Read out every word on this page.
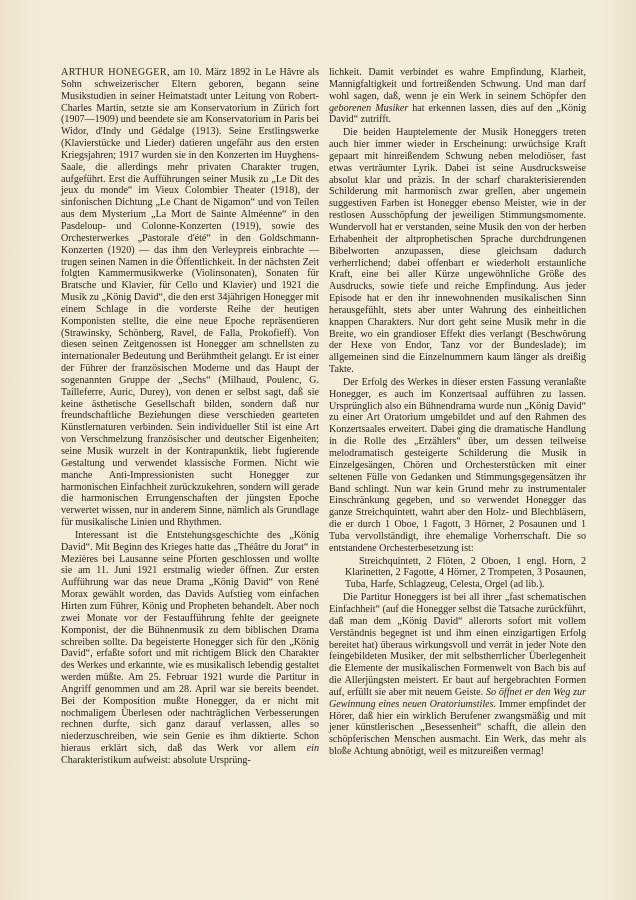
ARTHUR HONEGGER, am 10. März 1892 in Le Hâvre als Sohn schweizerischer Eltern geboren, begann seine Musikstudien in seiner Heimatstadt unter Leitung von Robert-Charles Martin, setzte sie am Konservatorium in Zürich fort (1907—1909) und beendete sie am Konservatorium in Paris bei Widor, d'Indy und Gédalge (1913). Seine Erstlingswerke (Klavierstücke und Lieder) datieren ungefähr aus den ersten Kriegsjahren; 1917 wurden sie in den Konzerten im Huyghens-Saale, die allerdings mehr privaten Charakter trugen, aufgeführt. Erst die Aufführungen seiner Musik zu „Le Dit des jeux du monde“ im Vieux Colombier Theater (1918), der sinfonischen Dichtung „Le Chant de Nigamon“ und von Teilen aus dem Mysterium „La Mort de Sainte Alméenne“ in den Pasdeloup- und Colonne-Konzerten (1919), sowie des Orchesterwerkes „Pastorale d'été“ in den Goldschmann-Konzerten (1920) — das ihm den Verleypreis einbrachte — trugen seinen Namen in die Öffentlichkeit. In der nächsten Zeit folgten Kammermusikwerke (Violinsonaten), Sonaten für Bratsche und Klavier, für Cello und Klavier) und 1921 die Musik zu „König David“, die den erst 34jährigen Honegger mit einem Schlage in die vorderste Reihe der heutigen Komponisten stellte, die eine neue Epoche repräsentieren (Strawinsky, Schönberg, Ravel, de Falla, Prokofieff). Von diesen seinen Zeitgenossen ist Honegger am schnellsten zu internationaler Bedeutung und Berühmtheit gelangt. Er ist einer der Führer der französischen Moderne und das Haupt der sogenannten Gruppe der „Sechs“ (Milhaud, Poulenc, G. Tailleferre, Auric, Durey), von denen er selbst sagt, daß sie keine ästhetische Gesellschaft bilden, sondern daß nur freundschaftliche Beziehungen diese verschieden gearteten Künstlernaturen verbinden. Sein individueller Stil ist eine Art von Verschmelzung französischer und deutscher Eigenheiten; seine Musik wurzelt in der Kontrapunktik, liebt fugierende Gestaltung und verwendet klassische Formen. Nicht wie manche Anti-Impressionisten sucht Honegger zur harmonischen Einfachheit zurückzukehren, sondern will gerade die harmonischen Errungenschaften der jüngsten Epoche verwertet wissen, nur in anderem Sinne, nämlich als Grundlage für musikalische Linien und Rhythmen.

Interessant ist die Entstehungsgeschichte des „König David“. Mit Beginn des Krieges hatte das „Théâtre du Jorat“ in Mezières bei Lausanne seine Pforten geschlossen und wollte sie am 11. Juni 1921 erstmalig wieder öffnen. Zur ersten Aufführung war das neue Drama „König David“ von René Morax gewählt worden, das Davids Aufstieg vom einfachen Hirten zum Führer, König und Propheten behandelt. Aber noch zwei Monate vor der Festaufführung fehlte der geeignete Komponist, der die Bühnenmusik zu dem biblischen Drama schreiben sollte. Da begeisterte Honegger sich für den „König David“, erfaßte sofort und mit richtigem Blick den Charakter des Werkes und erkannte, wie es musikalisch lebendig gestaltet werden müßte. Am 25. Februar 1921 wurde die Partitur in Angriff genommen und am 28. April war sie bereits beendet. Bei der Komposition mußte Honegger, da er nicht mit nochmaligem Überlesen oder nachträglichen Verbesserungen rechnen durfte, sich ganz darauf verlassen, alles so niederzuschreiben, wie sein Genie es ihm diktierte. Schon hieraus erklärt sich, daß das Werk vor allem ein Charakteristikum aufweist: absolute Ursprüng-

lichkeit. Damit verbindet es wahre Empfindung, Klarheit, Mannigfaltigkeit und fortreißenden Schwung. Und man darf wohl sagen, daß, wenn je ein Werk in seinem Schöpfer den geborenen Musiker hat erkennen lassen, dies auf den „König David“ zutrifft.

Die beiden Hauptelemente der Musik Honeggers treten auch hier immer wieder in Erscheinung: urwüchsige Kraft gepaart mit hinreißendem Schwung neben melodiöser, fast etwas verträumter Lyrik. Dabei ist seine Ausdrucksweise absolut klar und präzis. In der scharf charakterisierenden Schilderung mit harmonisch zwar grellen, aber ungemein suggestiven Farben ist Honegger ebenso Meister, wie in der restlosen Ausschöpfung der jeweiligen Stimmungsmomente. Wundervoll hat er verstanden, seine Musik den von der herben Erhabenheit der altprophetischen Sprache durchdrungenen Bibelworten anzupassen, diese gleichsam dadurch verherrlichend; dabei offenbart er wiederholt erstaunliche Kraft, eine bei aller Kürze ungewöhnliche Größe des Ausdrucks, sowie tiefe und reiche Empfindung. Aus jeder Episode hat er den ihr innewohnenden musikalischen Sinn herausgefühlt, stets aber unter Wahrung des einheitlichen knappen Charakters. Nur dort geht seine Musik mehr in die Breite, wo ein grandioser Effekt dies verlangt (Beschwörung der Hexe von Endor, Tanz vor der Bundeslade); im allgemeinen sind die Einzelnummern kaum länger als dreißig Takte.

Der Erfolg des Werkes in dieser ersten Fassung veranlaßte Honegger, es auch im Konzertsaal aufführen zu lassen. Ursprünglich also ein Bühnendrama wurde nun „König David“ zu einer Art Oratorium umgebildet und auf den Rahmen des Konzertsaales erweitert. Dabei ging die dramatische Handlung in die Rolle des „Erzählers“ über, um dessen teilweise melodramatisch gesteigerte Schilderung die Musik in Einzelgesängen, Chören und Orchesterstücken mit einer seltenen Fülle von Gedanken und Stimmungsgegensätzen ihr Band schlingt. Nun war kein Grund mehr zu instrumentaler Einschränkung gegeben, und so verwendet Honegger das ganze Streichquintett, wahrt aber den Holz- und Blechbläsern, die er durch 1 Oboe, 1 Fagott, 3 Hörner, 2 Posaunen und 1 Tuba vervollständigt, ihre ehemalige Vorherrschaft. Die so entstandene Orchesterbesetzung ist:

Streichquintett, 2 Flöten, 2 Oboen, 1 engl. Horn, 2 Klarinetten, 2 Fagotte, 4 Hörner, 2 Trompeten, 3 Posaunen, Tuba, Harfe, Schlagzeug, Celesta, Orgel (ad lib.).

Die Partitur Honeggers ist bei all ihrer „fast schematischen Einfachheit“ (auf die Honegger selbst die Tatsache zurückführt, daß man dem „König David“ allerorts sofort mit vollem Verständnis begegnet ist und ihm einen einzigartigen Erfolg bereitet hat) überaus wirkungsvoll und verrät in jeder Note den feingebildeten Musiker, der mit selbstherrlicher Überlegenheit die Elemente der musikalischen Formenwelt von Bach bis auf die Allerjüngsten meistert. Er baut auf hergebrachten Formen auf, erfüllt sie aber mit neuem Geiste. So öffnet er den Weg zur Gewinnung eines neuen Oratoriumstiles. Immer empfindet der Hörer, daß hier ein wirklich Berufener zwangsmäßig und mit jener künstlerischen „Besessenheit“ schafft, die allein den schöpferischen Menschen ausmacht. Ein Werk, das mehr als bloße Achtung abnötigt, weil es mitzureißen vermag!
